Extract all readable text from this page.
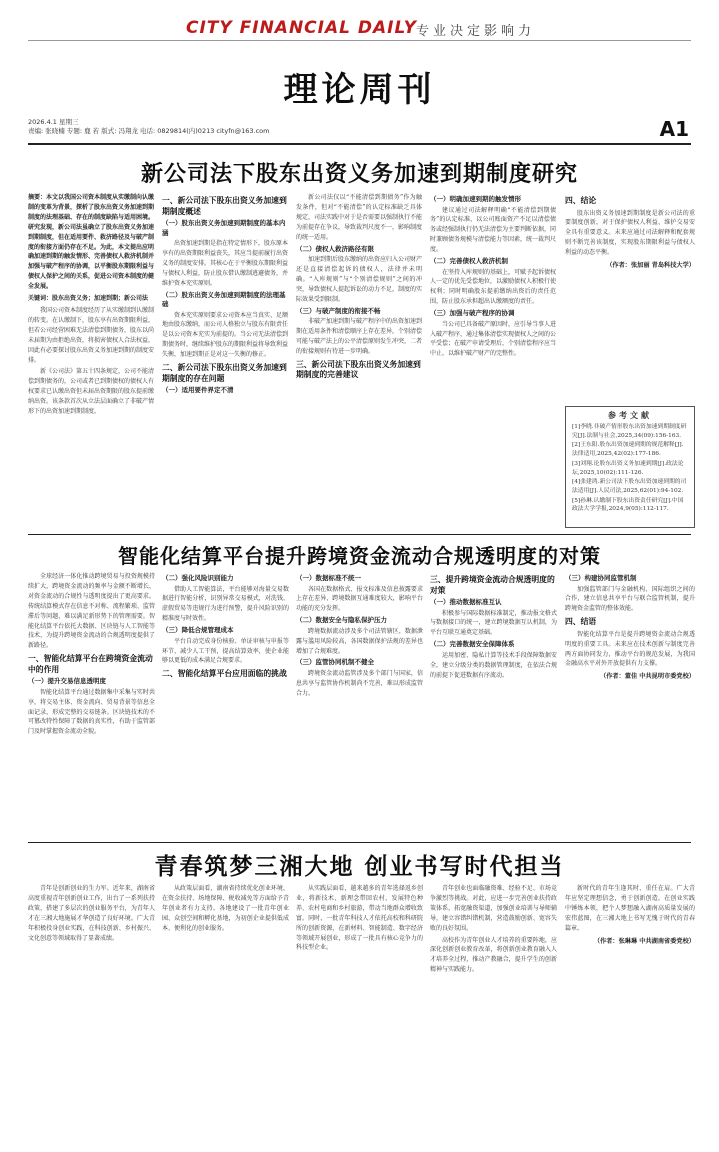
CITY FINANCIAL DAILY 专业决定影响力
理论周刊
2026.4.1 星期三
责编: 张晓楠 专题: 鹿 若 版式: 冯翔龙 电话: 0829814(内)0213 cityfn@163.com	A1
新公司法下股东出资义务加速到期制度研究

摘要：本文以我国公司资本制度从实缴制向认缴制的变革为背景，探析了股东出资义务加速到期制度的法理基础、存在的制度缺陷与适用困境。研究发现，新公司法虽确立了股东出资义务加速到期制度，但在适用要件、救济路径及与破产制度的衔接方面仍存在不足。为此，本文提出应明确加速到期的触发情形、完善债权人救济机制并加强与破产程序的协调，以平衡股东期限利益与债权人保护之间的关系，促进公司资本制度的健全发展。

关键词：股东出资义务；加速到期；新公司法

我国公司资本制度经历了从实缴制到认缴制的转变。在认缴制下，股东享有出资期限利益，但若公司经营困难无法清偿到期债务，股东以尚未届期为由拒绝出资，将损害债权人合法权益，因此有必要探讨股东出资义务加速到期的制度安排。

新《公司法》第五十四条规定，公司不能清偿到期债务的，公司或者已到期债权的债权人有权要求已认缴出资但未届出资期限的股东提前缴纳出资。该条款首次从立法层面确立了非破产情形下的出资加速到期制度。

一、新公司法下股东出资义务加速到期制度概述
（一）股东出资义务加速到期制度的基本内涵

出资加速到期是指在特定情形下，股东原本享有的出资期限利益丧失，其应当提前履行出资义务的制度安排。其核心在于平衡股东期限利益与债权人利益，防止股东借认缴制逃避债务，并维护资本充实原则。

（二）股东出资义务加速到期制度的法理基础

资本充实原则要求公司资本应当真实、足额地由股东缴纳，而公司人格独立与股东有限责任是以公司资本充实为前提的。当公司无法清偿到期债务时，继续维护股东的期限利益将导致利益失衡，加速到期正是对这一失衡的修正。

二、新公司法下股东出资义务加速到期制度的存在问题
（一）适用要件界定不清

新公司法仅以“不能清偿到期债务”作为触发条件，但对“不能清偿”的认定标准缺乏具体规定，司法实践中对于是否需要以强制执行不能为前提存在争议，导致裁判尺度不一，影响制度的统一适用。

（二）债权人救济路径有限

加速到期后股东缴纳的出资应归入公司财产还是直接清偿起诉的债权人，法律并未明确。“入库规则”与“个别清偿规则”之间的冲突，导致债权人提起诉讼的动力不足，制度的实际效果受到限制。

（三）与破产制度的衔接不畅

非破产加速到期与破产程序中的出资加速到期在适用条件和清偿顺序上存在差异，个别清偿可能与破产法上的公平清偿原则发生冲突，二者的衔接规则有待进一步明确。

三、新公司法下股东出资义务加速到期制度的完善建议
（一）明确加速到期的触发情形

建议通过司法解释明确“不能清偿到期债务”的认定标准，以公司账面资产不足以清偿债务或经强制执行仍无法清偿为主要判断依据，同时兼顾债务规模与清偿能力等因素，统一裁判尺度。

（二）完善债权人救济机制

在坚持入库规则的基础上，可赋予起诉债权人一定的优先受偿地位，以激励债权人积极行使权利；同时明确股东提前缴纳出资后的责任范围，防止股东承担超出认缴额度的责任。

（三）加强与破产程序的协调

当公司已具备破产原因时，应引导当事人进入破产程序，通过集体清偿实现债权人之间的公平受偿；在破产申请受理后，个别清偿程序应当中止，以维护破产财产的完整性。

四、结论

股东出资义务加速到期制度是新公司法的重要制度创新，对于保护债权人利益、维护交易安全具有重要意义。未来应通过司法解释和配套规则不断完善该制度，实现股东期限利益与债权人利益的动态平衡。

（作者：张加丽 青岛科技大学）
参考文献

[1]李晓.非破产情形股东出资加速到期制度研究[J].法制与社会,2025,34(09):156-163.

[2]王东阳.股东出资加速到期的规范解释[J].法律适用,2025,42(02):177-186.

[3]刘翔.论股东出资义务加速到期[J].政法论坛,2025,10(02):111-126.

[4]张建鸿.新公司法下股东出资加速到期的司法适用[J].人民司法,2025,62(01):94-102.

[5]孙琳.认缴制下股东出资责任研究[J].中国政法大学学报,2024,9(05):112-117.

智能化结算平台提升跨境资金流动合规透明度的对策

全球经济一体化推动跨境贸易与投资规模持续扩大，跨境资金流动的频率与金额不断增长，对资金流动的合规性与透明度提出了更高要求。传统结算模式存在信息不对称、流程繁琐、监管滞后等问题，难以满足新形势下的管理需要。智能化结算平台依托大数据、区块链与人工智能等技术，为提升跨境资金流动的合规透明度提供了新路径。

一、智能化结算平台在跨境资金流动中的作用
（一）提升交易信息透明度

智能化结算平台通过数据集中采集与实时共享，将交易主体、资金流向、贸易背景等信息全面记录，形成完整的交易链条。区块链技术的不可篡改特性保障了数据的真实性，有助于监管部门及时掌握资金流动全貌。

（二）强化风险识别能力

借助人工智能算法，平台能够对海量交易数据进行智能分析，识别异常交易模式，对洗钱、虚假贸易等违规行为进行预警，提升风险识别的精准度与时效性。

（三）降低合规管理成本

平台自动完成身份核验、单证审核与申报等环节，减少人工干预，提高结算效率，使企业能够以更低的成本满足合规要求。

二、智能化结算平台应用面临的挑战
（一）数据标准不统一

各国在数据格式、报文标准及信息披露要求上存在差异，跨境数据互通难度较大，影响平台功能的充分发挥。

（二）数据安全与隐私保护压力

跨境数据流动涉及多个司法管辖区，数据泄露与滥用风险较高，各国数据保护法规的差异也增加了合规难度。

（三）监管协同机制不健全

跨境资金流动监管涉及多个部门与国家，信息共享与监管协作机制尚不完善，难以形成监管合力。

三、提升跨境资金流动合规透明度的对策
（一）推动数据标准互认

积极参与国际数据标准制定，推动报文格式与数据接口的统一，建立跨境数据互认机制，为平台互联互通奠定基础。

（二）完善数据安全保障体系

运用加密、隐私计算等技术手段保障数据安全，建立分级分类的数据管理制度，在依法合规的前提下促进数据有序流动。

（三）构建协同监管机制

加强监管部门与金融机构、国际组织之间的合作，建立信息共享平台与联合监管机制，提升跨境资金监管的整体效能。

四、结语

智能化结算平台是提升跨境资金流动合规透明度的重要工具。未来应在技术创新与制度完善两方面协同发力，推动平台的规范发展，为我国金融高水平对外开放提供有力支撑。

（作者：董佳 中共昆明市委党校）
青春筑梦三湘大地 创业书写时代担当

青年是创新创业的生力军。近年来，湖南省高度重视青年创新创业工作，出台了一系列扶持政策，搭建了多层次的创业服务平台，为青年人才在三湘大地施展才华创造了良好环境。广大青年积极投身创业实践，在科技创新、乡村振兴、文化创意等领域取得了显著成绩。

从政策层面看，湖南省持续优化创业环境，在资金扶持、场地保障、税收减免等方面给予青年创业者有力支持。各地建设了一批青年创业园、众创空间和孵化基地，为初创企业提供低成本、便利化的创业服务。

从实践层面看，越来越多的青年选择返乡创业，将新技术、新理念带回农村，发展特色种养、农村电商和乡村旅游，带动当地群众增收致富。同时，一批青年科技人才依托高校和科研院所的创新资源，在新材料、智能制造、数字经济等领域开展创业，形成了一批具有核心竞争力的科技型企业。

青年创业也面临融资难、经验不足、市场竞争激烈等挑战。对此，应进一步完善创业扶持政策体系，拓宽融资渠道，加强创业培训与导师辅导，建立容错纠错机制，营造鼓励创新、宽容失败的良好氛围。

高校作为青年创业人才培养的重要阵地，应深化创新创业教育改革，将创新创业教育融入人才培养全过程，推动产教融合，提升学生的创新精神与实践能力。

新时代的青年生逢其时、重任在肩。广大青年应坚定理想信念，勇于创新创造，在创业实践中锤炼本领，把个人梦想融入湖南高质量发展的宏伟蓝图，在三湘大地上书写无愧于时代的青春篇章。

（作者：张琳琳 中共湖南省委党校）
